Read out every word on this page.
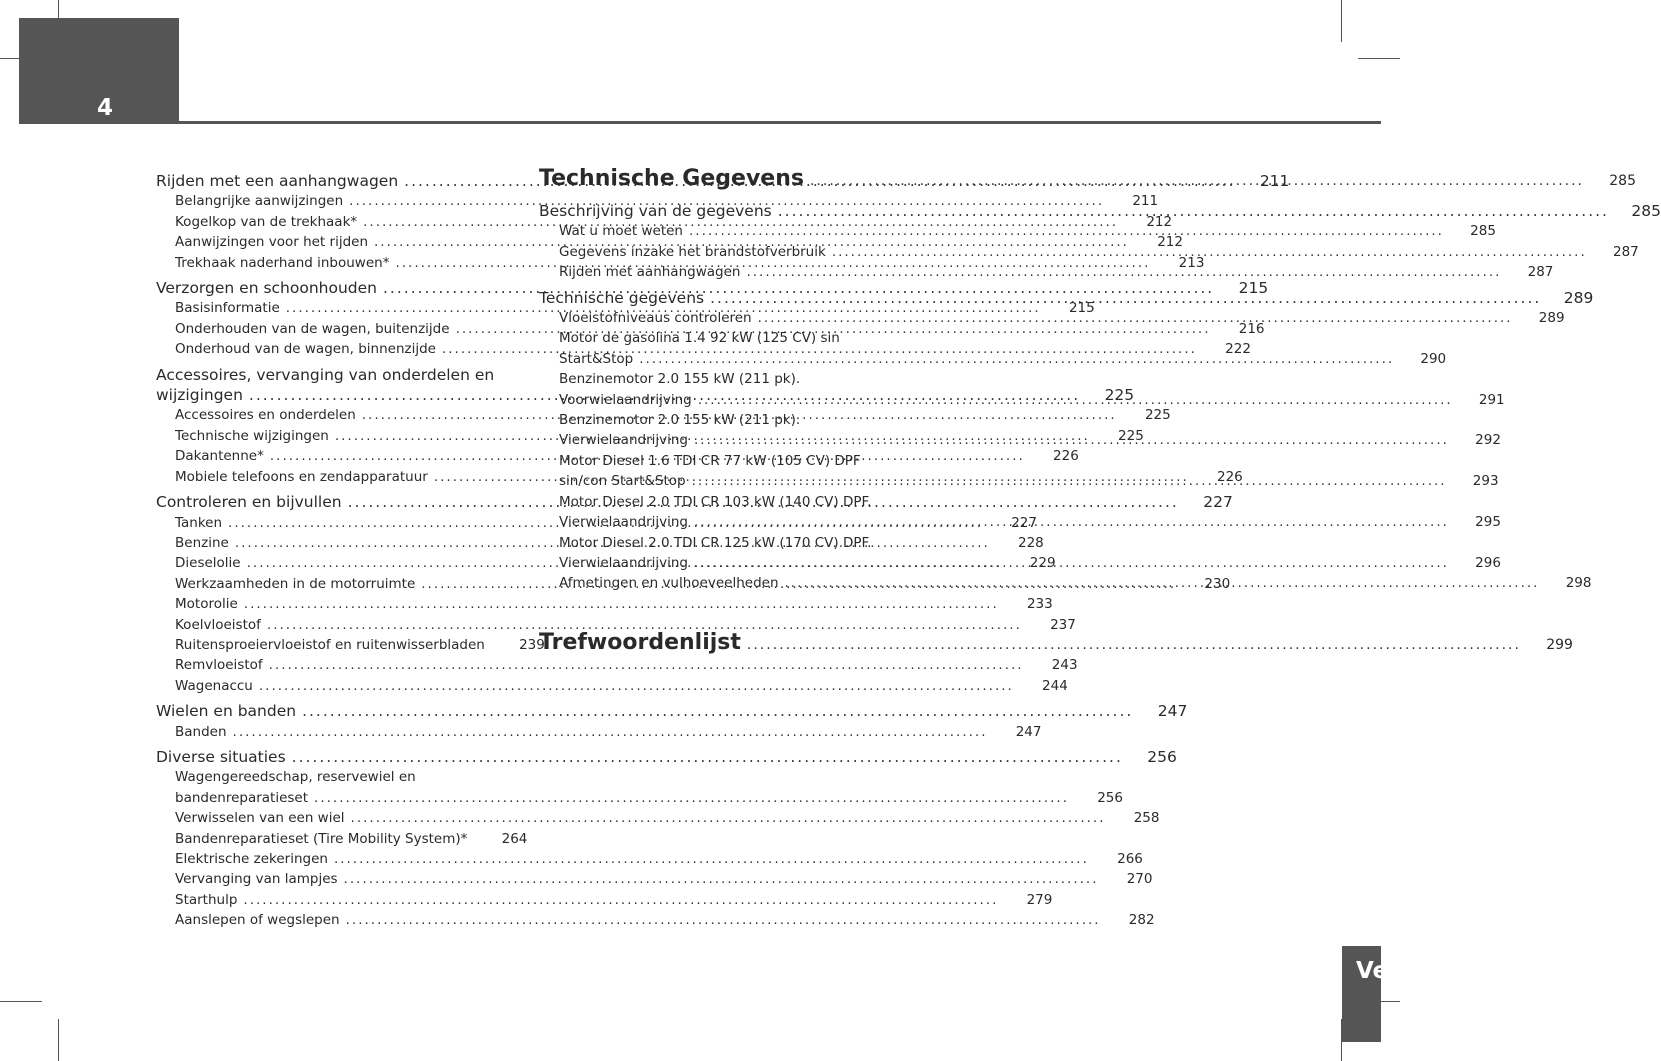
4
Ve
Rijden met een aanhangwagen .....	211
Belangrijke aanwijzingen .....	211
Kogelkop van de trekhaak* .....	212
Aanwijzingen voor het rijden .....	212
Trekhaak naderhand inbouwen* .....	213
Verzorgen en schoonhouden .....	215
Basisinformatie .....	215
Onderhouden van de wagen, buitenzijde .....	216
Onderhoud van de wagen, binnenzijde .....	222
Accessoires, vervanging van onderdelen en
wijzigingen .....	225
Accessoires en onderdelen .....	225
Technische wijzigingen .....	225
Dakantenne* .....	226
Mobiele telefoons en zendapparatuur .....	226
Controleren en bijvullen .....	227
Tanken .....	227
Benzine .....	228
Dieselolie .....	229
Werkzaamheden in de motorruimte .....	230
Motorolie .....	233
Koelvloeistof .....	237
Ruitensproeiervloeistof en ruitenwisserbladen	239
Remvloeistof .....	243
Wagenaccu .....	244
Wielen en banden .....	247
Banden .....	247
Diverse situaties .....	256
Wagengereedschap, reservewiel en
bandenreparatieset .....	256
Verwisselen van een wiel .....	258
Bandenreparatieset (Tire Mobility System)*	264
Elektrische zekeringen .....	266
Vervanging van lampjes .....	270
Starthulp .....	279
Aanslepen of wegslepen .....	282
Technische Gegevens .....	285
Beschrijving van de gegevens .....	285
Wat u moet weten .....	285
Gegevens inzake het brandstofverbruik .....	287
Rijden met aanhangwagen .....	287
Technische gegevens .....	289
Vloeistofniveaus controleren .....	289
Motor de gasolina 1.4 92 kW (125 CV) sin
Start&Stop .....	290
Benzinemotor 2.0 155 kW (211 pk).
Voorwielaandrijving .....	291
Benzinemotor 2.0 155 kW (211 pk).
Vierwielaandrijving .....	292
Motor Diesel 1.6 TDI CR 77 kW (105 CV) DPF
sin/con Start&Stop .....	293
Motor Diesel 2.0 TDI CR 103 kW (140 CV) DPF.
Vierwielaandrijving .....	295
Motor Diesel 2.0 TDI CR 125 kW (170 CV) DPF.
Vierwielaandrijving .....	296
Afmetingen en vulhoeveelheden .....	298
Trefwoordenlijst .....	299
